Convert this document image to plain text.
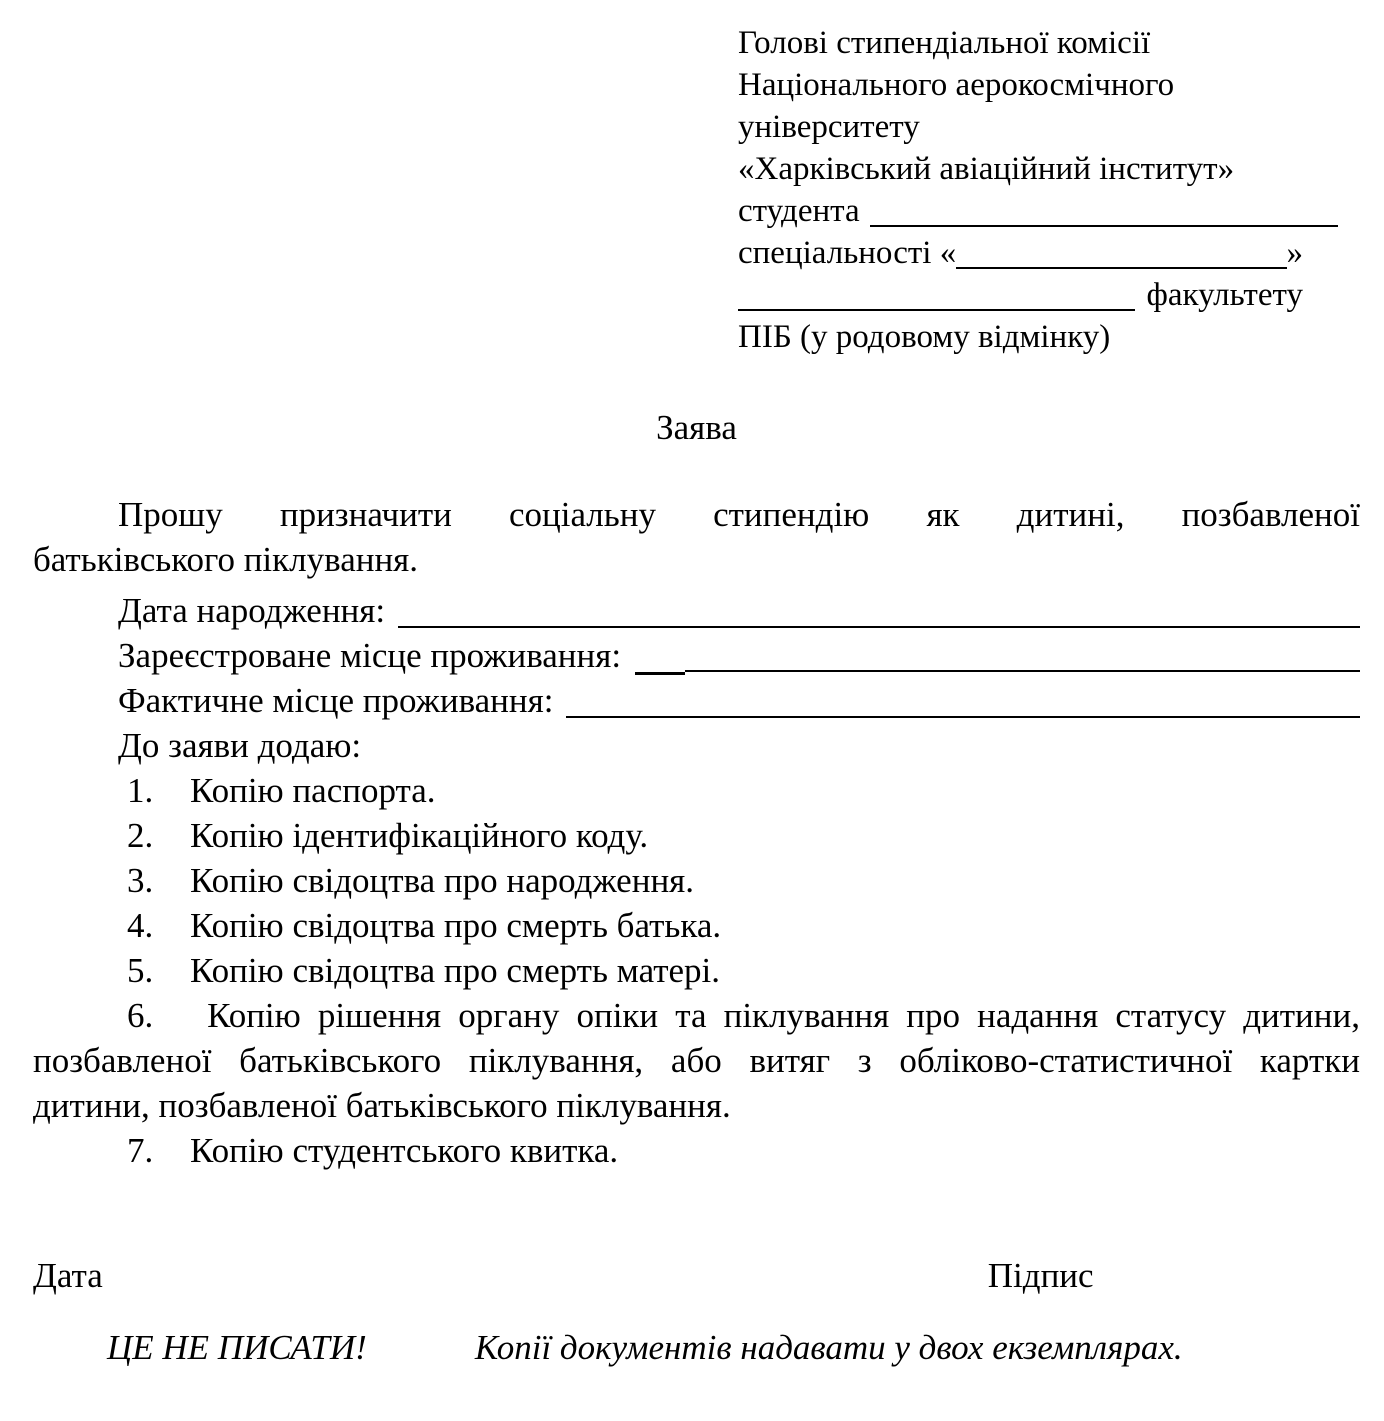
Голові стипендіальної комісії
Національного аерокосмічного
університету
«Харківський авіаційний інститут»
студента
спеціальності «	»
факультету
ПІБ (у родовому відмінку)
Заява
Прошу призначити соціальну стипендію як дитині, позбавленої
батьківського піклування.
Дата народження:
Зареєстроване місце проживання:
Фактичне місце проживання:
До заяви додаю:
1. Копію паспорта.
2. Копію ідентифікаційного коду.
3. Копію свідоцтва про народження.
4. Копію свідоцтва про смерть батька.
5. Копію свідоцтва про смерть матері.
6. Копію рішення органу опіки та піклування про надання статусу дитини,
позбавленої батьківського піклування, або витяг з обліково-статистичної картки
дитини, позбавленої батьківського піклування.
7. Копію студентського квитка.
Дата	Підпис
ЦЕ НЕ ПИСАТИ!	Копії документів надавати у двох екземплярах.
